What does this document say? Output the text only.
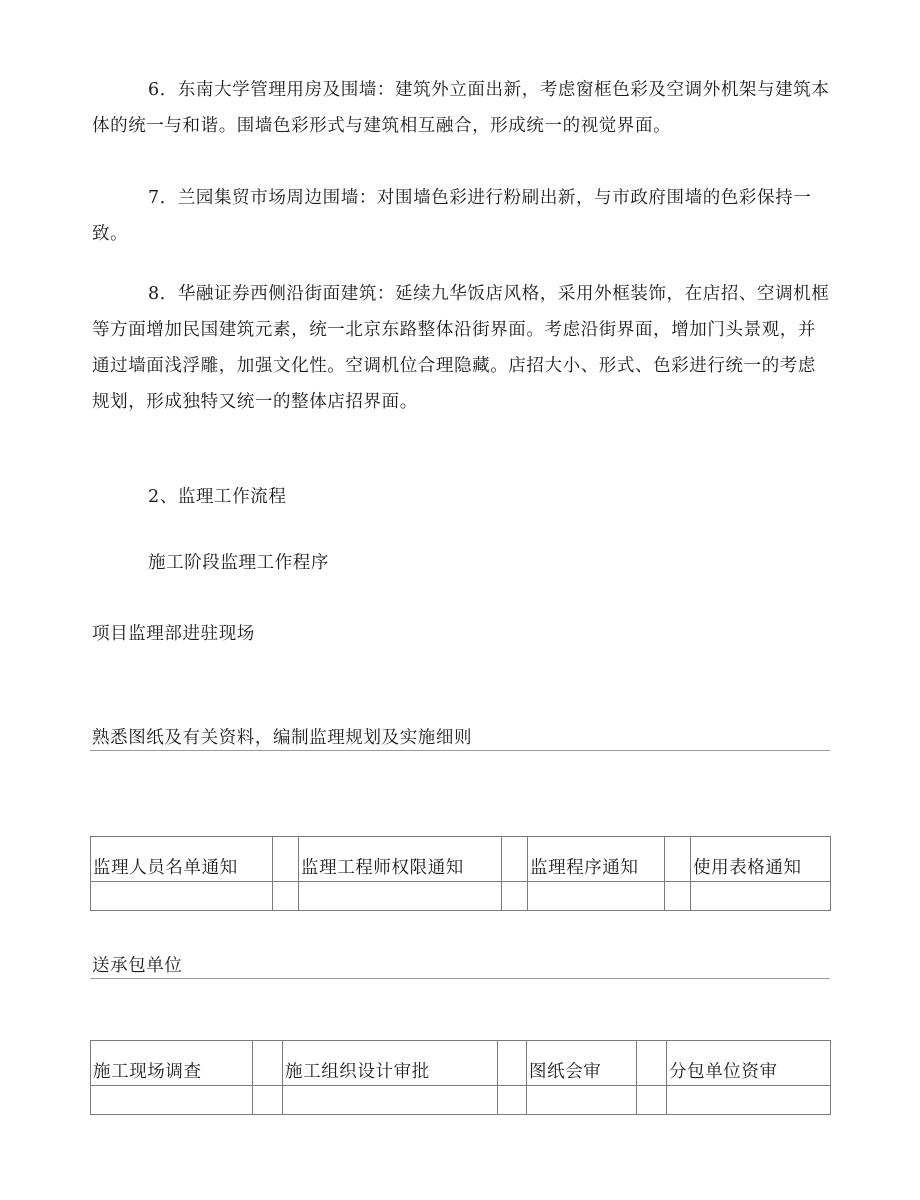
6．东南大学管理用房及围墙：建筑外立面出新，考虑窗框色彩及空调外机架与建筑本体的统一与和谐。围墙色彩形式与建筑相互融合，形成统一的视觉界面。

7．兰园集贸市场周边围墙：对围墙色彩进行粉刷出新，与市政府围墙的色彩保持一致。

8．华融证券西侧沿街面建筑：延续九华饭店风格，采用外框装饰，在店招、空调机框等方面增加民国建筑元素，统一北京东路整体沿街界面。考虑沿街界面，增加门头景观，并通过墙面浅浮雕，加强文化性。空调机位合理隐藏。店招大小、形式、色彩进行统一的考虑规划，形成独特又统一的整体店招界面。

2、监理工作流程
施工阶段监理工作程序
项目监理部进驻现场
熟悉图纸及有关资料，编制监理规划及实施细则
监理人员名单通知		监理工程师权限通知		监理程序通知		使用表格通知

送承包单位
施工现场调查		施工组织设计审批		图纸会审		分包单位资审
